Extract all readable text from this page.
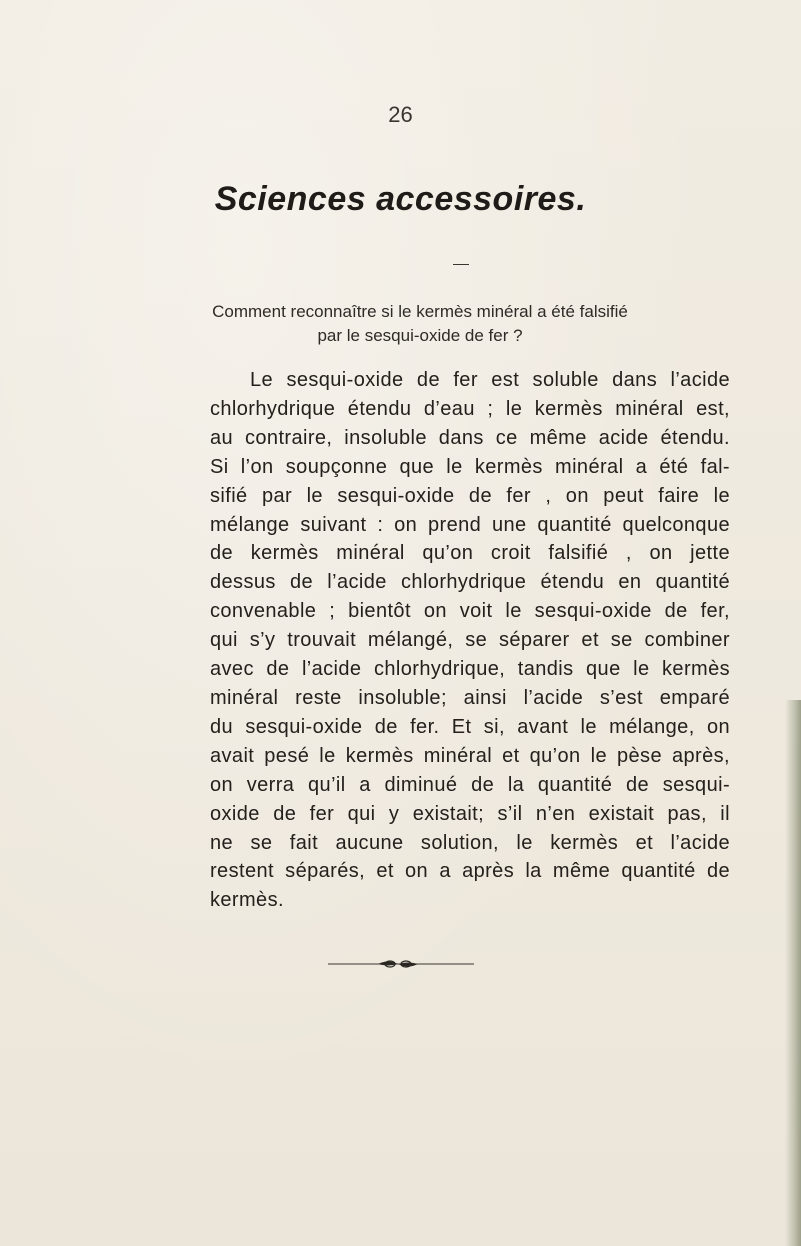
26
Sciences accessoires.
Comment reconnaître si le kermès minéral a été falsifié
par le sesqui-oxide de fer ?
Le sesqui-oxide de fer est soluble dans l’acide
chlorhydrique étendu d’eau ; le kermès minéral est,
au contraire, insoluble dans ce même acide étendu.
Si l’on soupçonne que le kermès minéral a été fal-
sifié par le sesqui-oxide de fer , on peut faire le
mélange suivant : on prend une quantité quelconque
de kermès minéral qu’on croit falsifié , on jette
dessus de l’acide chlorhydrique étendu en quantité
convenable ; bientôt on voit le sesqui-oxide de fer,
qui s’y trouvait mélangé, se séparer et se combiner
avec de l’acide chlorhydrique, tandis que le kermès
minéral reste insoluble; ainsi l’acide s’est emparé
du sesqui-oxide de fer. Et si, avant le mélange, on
avait pesé le kermès minéral et qu’on le pèse après,
on verra qu’il a diminué de la quantité de sesqui-
oxide de fer qui y existait; s’il n’en existait pas, il
ne se fait aucune solution, le kermès et l’acide
restent séparés, et on a après la même quantité de
kermès.
